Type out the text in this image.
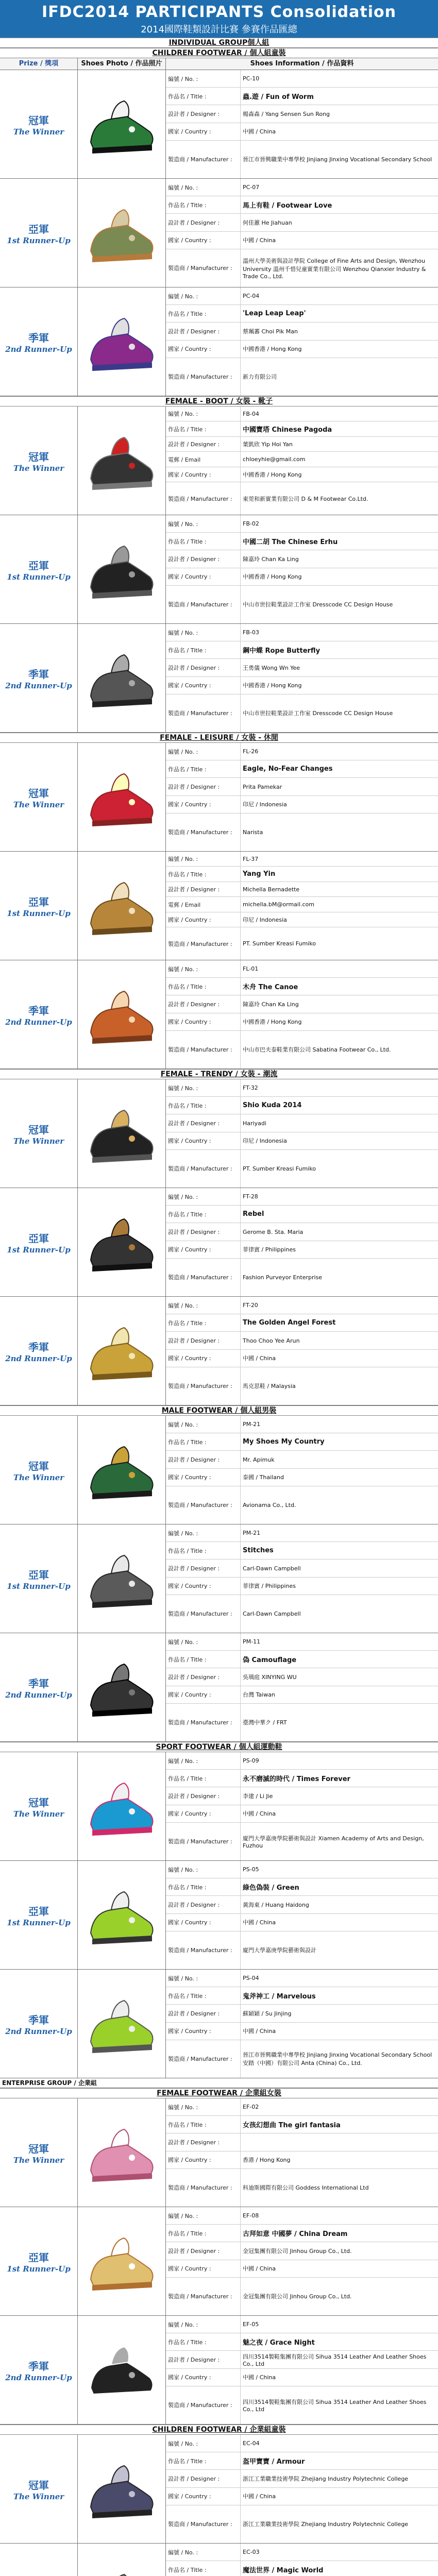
IFDC2014 PARTICIPANTS Consolidation
2014國際鞋類設計比賽 參賽作品匯總
INDIVIDUAL GROUP個人組
CHILDREN FOOTWEAR / 個人組童裝
Prize / 獎項	Shoes Photo / 作品照片	Shoes Information / 作品資料
冠軍
The Winner
編號 / No. :	PC-10
作品名 / Title :	蟲.遊 / Fun of Worm
設計者 / Designer :	楊森森 / Yang Sensen Sun Rong
國家 / Country :	中國 / China
製造商 / Manufacturer :	晉江市晉興職業中專學校 Jinjiang Jinxing Vocational Secondary School
亞軍
1st Runner-Up
編號 / No. :	PC-07
作品名 / Title :	馬上有鞋 / Footwear Love
設計者 / Designer :	何佳蕙 He Jiahuan
國家 / Country :	中國 / China
製造商 / Manufacturer :
溫州大學美術與設計學院 College of Fine Arts and Design, Wenzhou University 溫州千惜兒童實業有限公司 Wenzhou Qianxier Industry & Trade Co., Ltd.
季軍
2nd Runner-Up
編號 / No. :	PC-04
作品名 / Title :	'Leap Leap Leap'
設計者 / Designer :	蔡珮蕃 Choi Pik Man
國家 / Country :	中國香港 / Hong Kong
製造商 / Manufacturer :	新力有限公司
FEMALE - BOOT / 女裝 - 靴子
冠軍
The Winner
編號 / No. :	FB-04
作品名 / Title :	中國寶塔 Chinese Pagoda
設計者 / Designer :	葉凱欣 Yip Hoi Yan
電郵 / Email	chloeyhie@gmail.com
國家 / Country :	中國香港 / Hong Kong
製造商 / Manufacturer :	東莞和新實業有限公司 D & M Footwear Co.Ltd.
亞軍
1st Runner-Up
編號 / No. :	FB-02
作品名 / Title :	中國二胡 The Chinese Erhu
設計者 / Designer :	陳嘉玲 Chan Ka Ling
國家 / Country :	中國香港 / Hong Kong
製造商 / Manufacturer :	中山市世拉鞋業設計工作室 Dresscode CC Design House
季軍
2nd Runner-Up
編號 / No. :	FB-03
作品名 / Title :	鋼中蝶 Rope Butterfly
設計者 / Designer :	王勇儀 Wong Wn Yee
國家 / Country :	中國香港 / Hong Kong
製造商 / Manufacturer :	中山市世拉鞋業設計工作室 Dresscode CC Design House
FEMALE - LEISURE / 女裝 - 休閒
冠軍
The Winner
編號 / No. :	FL-26
作品名 / Title :	Eagle, No-Fear Changes
設計者 / Designer :	Prita Pamekar
國家 / Country :	印尼 / Indonesia
製造商 / Manufacturer :	Narista
亞軍
1st Runner-Up
編號 / No. :	FL-37
作品名 / Title :	Yang Yin
設計者 / Designer :	Michella Bernadette
電郵 / Email	michella.bM@ormail.com
國家 / Country :	印尼 / Indonesia
製造商 / Manufacturer :	PT. Sumber Kreasi Fumiko
季軍
2nd Runner-Up
編號 / No. :	FL-01
作品名 / Title :	木舟 The Canoe
設計者 / Designer :	陳嘉玲 Chan Ka Ling
國家 / Country :	中國香港 / Hong Kong
製造商 / Manufacturer :	中山市巴夫泰鞋業有限公司 Sabatina Footwear Co., Ltd.
FEMALE - TRENDY / 女裝 - 潮流
冠軍
The Winner
編號 / No. :	FT-32
作品名 / Title :	Shio Kuda 2014
設計者 / Designer :	Hariyadi
國家 / Country :	印尼 / Indonesia
製造商 / Manufacturer :	PT. Sumber Kreasi Fumiko
亞軍
1st Runner-Up
編號 / No. :	FT-28
作品名 / Title :	Rebel
設計者 / Designer :	Gerome B. Sta. Maria
國家 / Country :	菲律賓 / Philippines
製造商 / Manufacturer :	Fashion Purveyor Enterprise
季軍
2nd Runner-Up
編號 / No. :	FT-20
作品名 / Title :	The Golden Angel Forest
設計者 / Designer :	Thoo Choo Yee Arun
國家 / Country :	中國 / China
製造商 / Manufacturer :	馬克思鞋 / Malaysia
MALE FOOTWEAR / 個人組男裝
冠軍
The Winner
編號 / No. :	PM-21
作品名 / Title :	My Shoes My Country
設計者 / Designer :	Mr. Apimuk
國家 / Country :	泰國 / Thailand
製造商 / Manufacturer :	Avionama Co., Ltd.
亞軍
1st Runner-Up
編號 / No. :	PM-21
作品名 / Title :	Stitches
設計者 / Designer :	Carl-Dawn Campbell
國家 / Country :	菲律賓 / Philippines
製造商 / Manufacturer :	Carl-Dawn Campbell
季軍
2nd Runner-Up
編號 / No. :	PM-11
作品名 / Title :	偽 Camouflage
設計者 / Designer :	吳瑀庭 XINYING WU
國家 / Country :	台灣 Taiwan
製造商 / Manufacturer :	臺灣中華ク / FRT
SPORT FOOTWEAR / 個人組運動鞋
冠軍
The Winner
編號 / No. :	PS-09
作品名 / Title :	永不磨滅的時代 / Times Forever
設計者 / Designer :	李建 / Li Jie
國家 / Country :	中國 / China
製造商 / Manufacturer :	廈門大學嘉庚學院藝術與設計 Xiamen Academy of Arts and Design, Fuzhou
亞軍
1st Runner-Up
編號 / No. :	PS-05
作品名 / Title :	綠色偽裝 / Green
設計者 / Designer :	黃海東 / Huang Haidong
國家 / Country :	中國 / China
製造商 / Manufacturer :	廈門大學嘉庚學院藝術與設計
季軍
2nd Runner-Up
編號 / No. :	PS-04
作品名 / Title :	鬼斧神工 / Marvelous
設計者 / Designer :	蘇穎穎 / Su Jinjing
國家 / Country :	中國 / China
製造商 / Manufacturer :
晉江市晉興職業中專學校 Jinjiang Jinxing Vocational Secondary School 安踏（中國）有限公司 Anta (China) Co., Ltd.
ENTERPRISE GROUP / 企業組
FEMALE FOOTWEAR / 企業組女裝
冠軍
The Winner
編號 / No. :	EF-02
作品名 / Title :	女孩幻想曲 The girl fantasia
設計者 / Designer :
國家 / Country :	香港 / Hong Kong
製造商 / Manufacturer :	科迪斯國際有限公司 Goddess International Ltd
亞軍
1st Runner-Up
編號 / No. :	EF-08
作品名 / Title :	古拜如意 中國夢 / China Dream
設計者 / Designer :	金冠集團有限公司 Jinhou Group Co., Ltd.
國家 / Country :	中國 / China
製造商 / Manufacturer :	金冠集團有限公司 Jinhou Group Co., Ltd.
季軍
2nd Runner-Up
編號 / No. :	EF-05
作品名 / Title :	魅之夜 / Grace Night
設計者 / Designer :	四川3514製鞋集團有限公司 Sihua 3514 Leather And Leather Shoes Co., Ltd
國家 / Country :	中國 / China
製造商 / Manufacturer :	四川3514製鞋集團有限公司 Sihua 3514 Leather And Leather Shoes Co., Ltd
CHILDREN FOOTWEAR / 企業組童裝
冠軍
The Winner
編號 / No. :	EC-04
作品名 / Title :	盔甲寶寶 / Armour
設計者 / Designer :	浙江工業職業技術學院 Zhejiang Industry Polytechnic College
國家 / Country :	中國 / China
製造商 / Manufacturer :	浙江工業職業技術學院 Zhejiang Industry Polytechnic College
編號 / No. :	EC-03
作品名 / Title :	魔法世界 / Magic World
